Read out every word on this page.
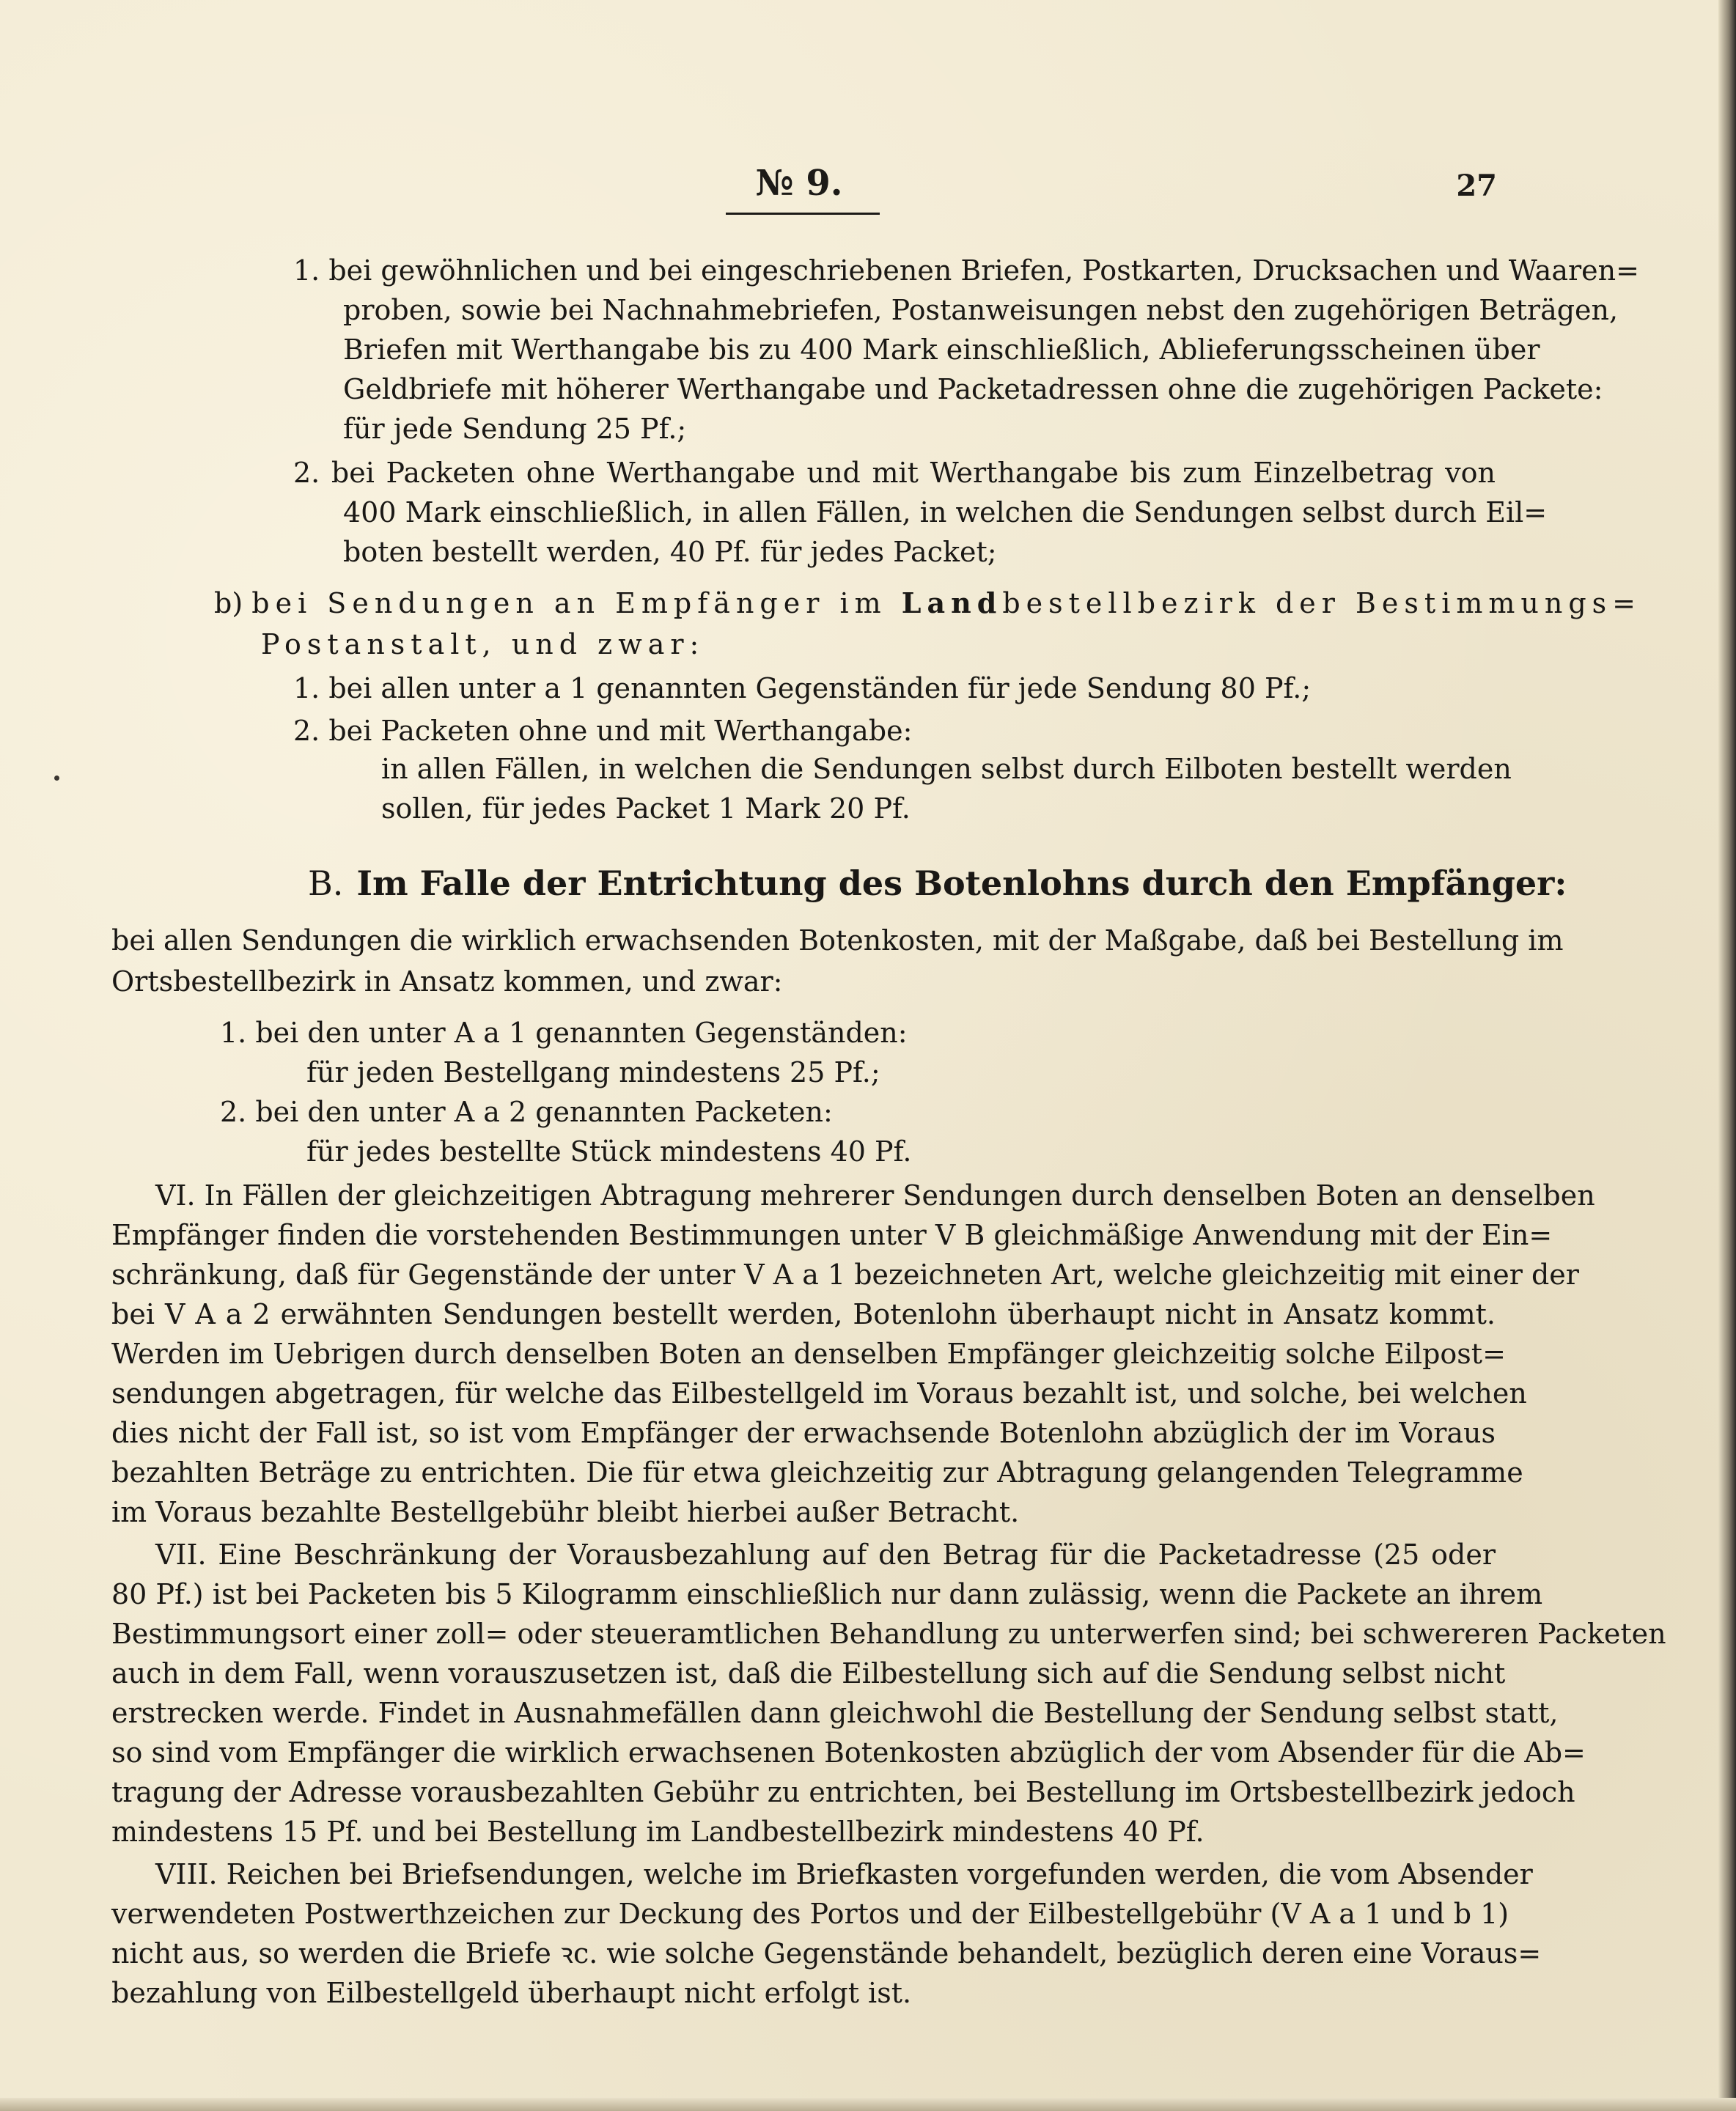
№ 9.	27
1. bei gewöhnlichen und bei eingeschriebenen Briefen, Postkarten, Drucksachen und Waaren=
proben, sowie bei Nachnahmebriefen, Postanweisungen nebst den zugehörigen Beträgen,
Briefen mit Werthangabe bis zu 400 Mark einschließlich, Ablieferungsscheinen über
Geldbriefe mit höherer Werthangabe und Packetadressen ohne die zugehörigen Packete:
für jede Sendung 25 Pf.;
2. bei Packeten ohne Werthangabe und mit Werthangabe bis zum Einzelbetrag von
400 Mark einschließlich, in allen Fällen, in welchen die Sendungen selbst durch Eil=
boten bestellt werden, 40 Pf. für jedes Packet;
b) bei Sendungen an Empfänger im Landbestellbezirk der Bestimmungs=
Postanstalt, und zwar:
1. bei allen unter a 1 genannten Gegenständen für jede Sendung 80 Pf.;
2. bei Packeten ohne und mit Werthangabe:
in allen Fällen, in welchen die Sendungen selbst durch Eilboten bestellt werden
sollen, für jedes Packet 1 Mark 20 Pf.
B. Im Falle der Entrichtung des Botenlohns durch den Empfänger:
bei allen Sendungen die wirklich erwachsenden Botenkosten, mit der Maßgabe, daß bei Bestellung im
Ortsbestellbezirk in Ansatz kommen, und zwar:
1. bei den unter A a 1 genannten Gegenständen:
für jeden Bestellgang mindestens 25 Pf.;
2. bei den unter A a 2 genannten Packeten:
für jedes bestellte Stück mindestens 40 Pf.
VI. In Fällen der gleichzeitigen Abtragung mehrerer Sendungen durch denselben Boten an denselben
Empfänger finden die vorstehenden Bestimmungen unter V B gleichmäßige Anwendung mit der Ein=
schränkung, daß für Gegenstände der unter V A a 1 bezeichneten Art, welche gleichzeitig mit einer der
bei V A a 2 erwähnten Sendungen bestellt werden, Botenlohn überhaupt nicht in Ansatz kommt.
Werden im Uebrigen durch denselben Boten an denselben Empfänger gleichzeitig solche Eilpost=
sendungen abgetragen, für welche das Eilbestellgeld im Voraus bezahlt ist, und solche, bei welchen
dies nicht der Fall ist, so ist vom Empfänger der erwachsende Botenlohn abzüglich der im Voraus
bezahlten Beträge zu entrichten. Die für etwa gleichzeitig zur Abtragung gelangenden Telegramme
im Voraus bezahlte Bestellgebühr bleibt hierbei außer Betracht.
VII. Eine Beschränkung der Vorausbezahlung auf den Betrag für die Packetadresse (25 oder
80 Pf.) ist bei Packeten bis 5 Kilogramm einschließlich nur dann zulässig, wenn die Packete an ihrem
Bestimmungsort einer zoll= oder steueramtlichen Behandlung zu unterwerfen sind; bei schwereren Packeten
auch in dem Fall, wenn vorauszusetzen ist, daß die Eilbestellung sich auf die Sendung selbst nicht
erstrecken werde. Findet in Ausnahmefällen dann gleichwohl die Bestellung der Sendung selbst statt,
so sind vom Empfänger die wirklich erwachsenen Botenkosten abzüglich der vom Absender für die Ab=
tragung der Adresse vorausbezahlten Gebühr zu entrichten, bei Bestellung im Ortsbestellbezirk jedoch
mindestens 15 Pf. und bei Bestellung im Landbestellbezirk mindestens 40 Pf.
VIII. Reichen bei Briefsendungen, welche im Briefkasten vorgefunden werden, die vom Absender
verwendeten Postwerthzeichen zur Deckung des Portos und der Eilbestellgebühr (V A a 1 und b 1)
nicht aus, so werden die Briefe ꝛc. wie solche Gegenstände behandelt, bezüglich deren eine Voraus=
bezahlung von Eilbestellgeld überhaupt nicht erfolgt ist.
